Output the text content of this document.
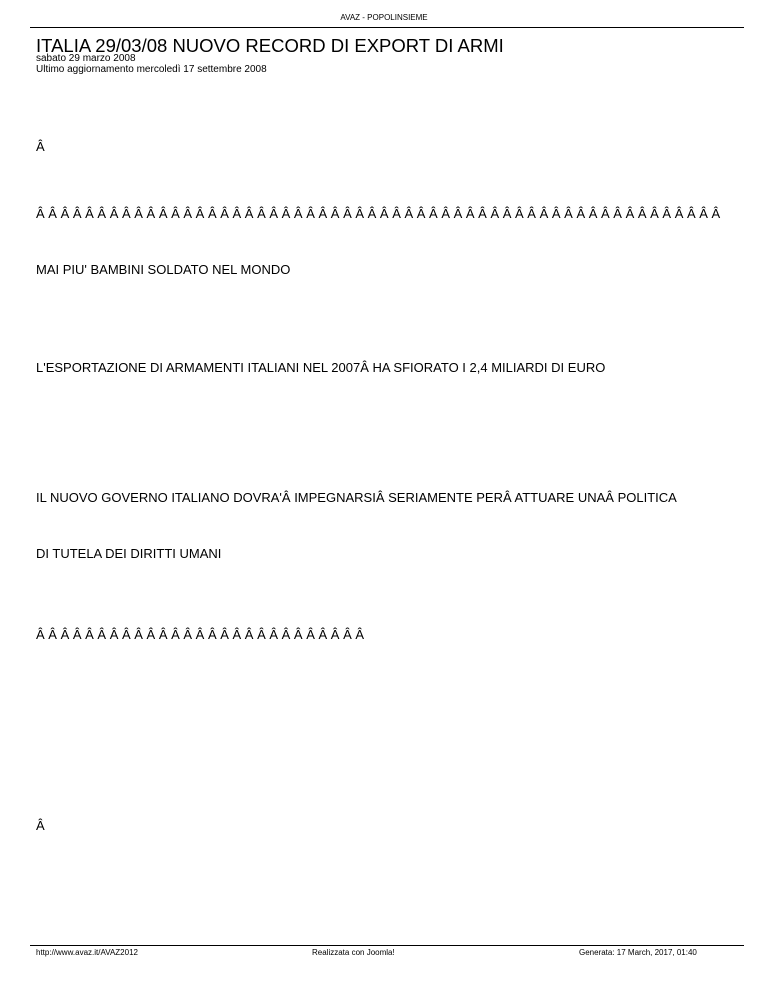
AVAZ - POPOLINSIEME
ITALIA 29/03/08 NUOVO RECORD DI EXPORT DI ARMI
sabato 29 marzo 2008
Ultimo aggiornamento mercoledì 17 settembre 2008

Â

Â Â Â Â Â Â Â Â Â Â Â Â Â Â Â Â Â Â Â Â Â Â Â Â Â Â Â Â Â Â Â Â Â Â Â Â Â Â Â Â Â Â Â Â Â Â Â Â Â Â Â Â Â Â Â Â

MAI PIU' BAMBINI SOLDATO NEL MONDO

L'ESPORTAZIONE DI ARMAMENTI ITALIANI NEL 2007Â HA SFIORATO I 2,4 MILIARDI DI EURO

IL NUOVO GOVERNO ITALIANO DOVRA'Â IMPEGNARSIÂ SERIAMENTE PERÂ ATTUARE UNAÂ POLITICA

DI TUTELA DEI DIRITTI UMANI

Â Â Â Â Â Â Â Â Â Â Â Â Â Â Â Â Â Â Â Â Â Â Â Â Â Â Â

Â

http://www.avaz.it/AVAZ2012	Realizzata con Joomla!	Generata: 17 March, 2017, 01:40
